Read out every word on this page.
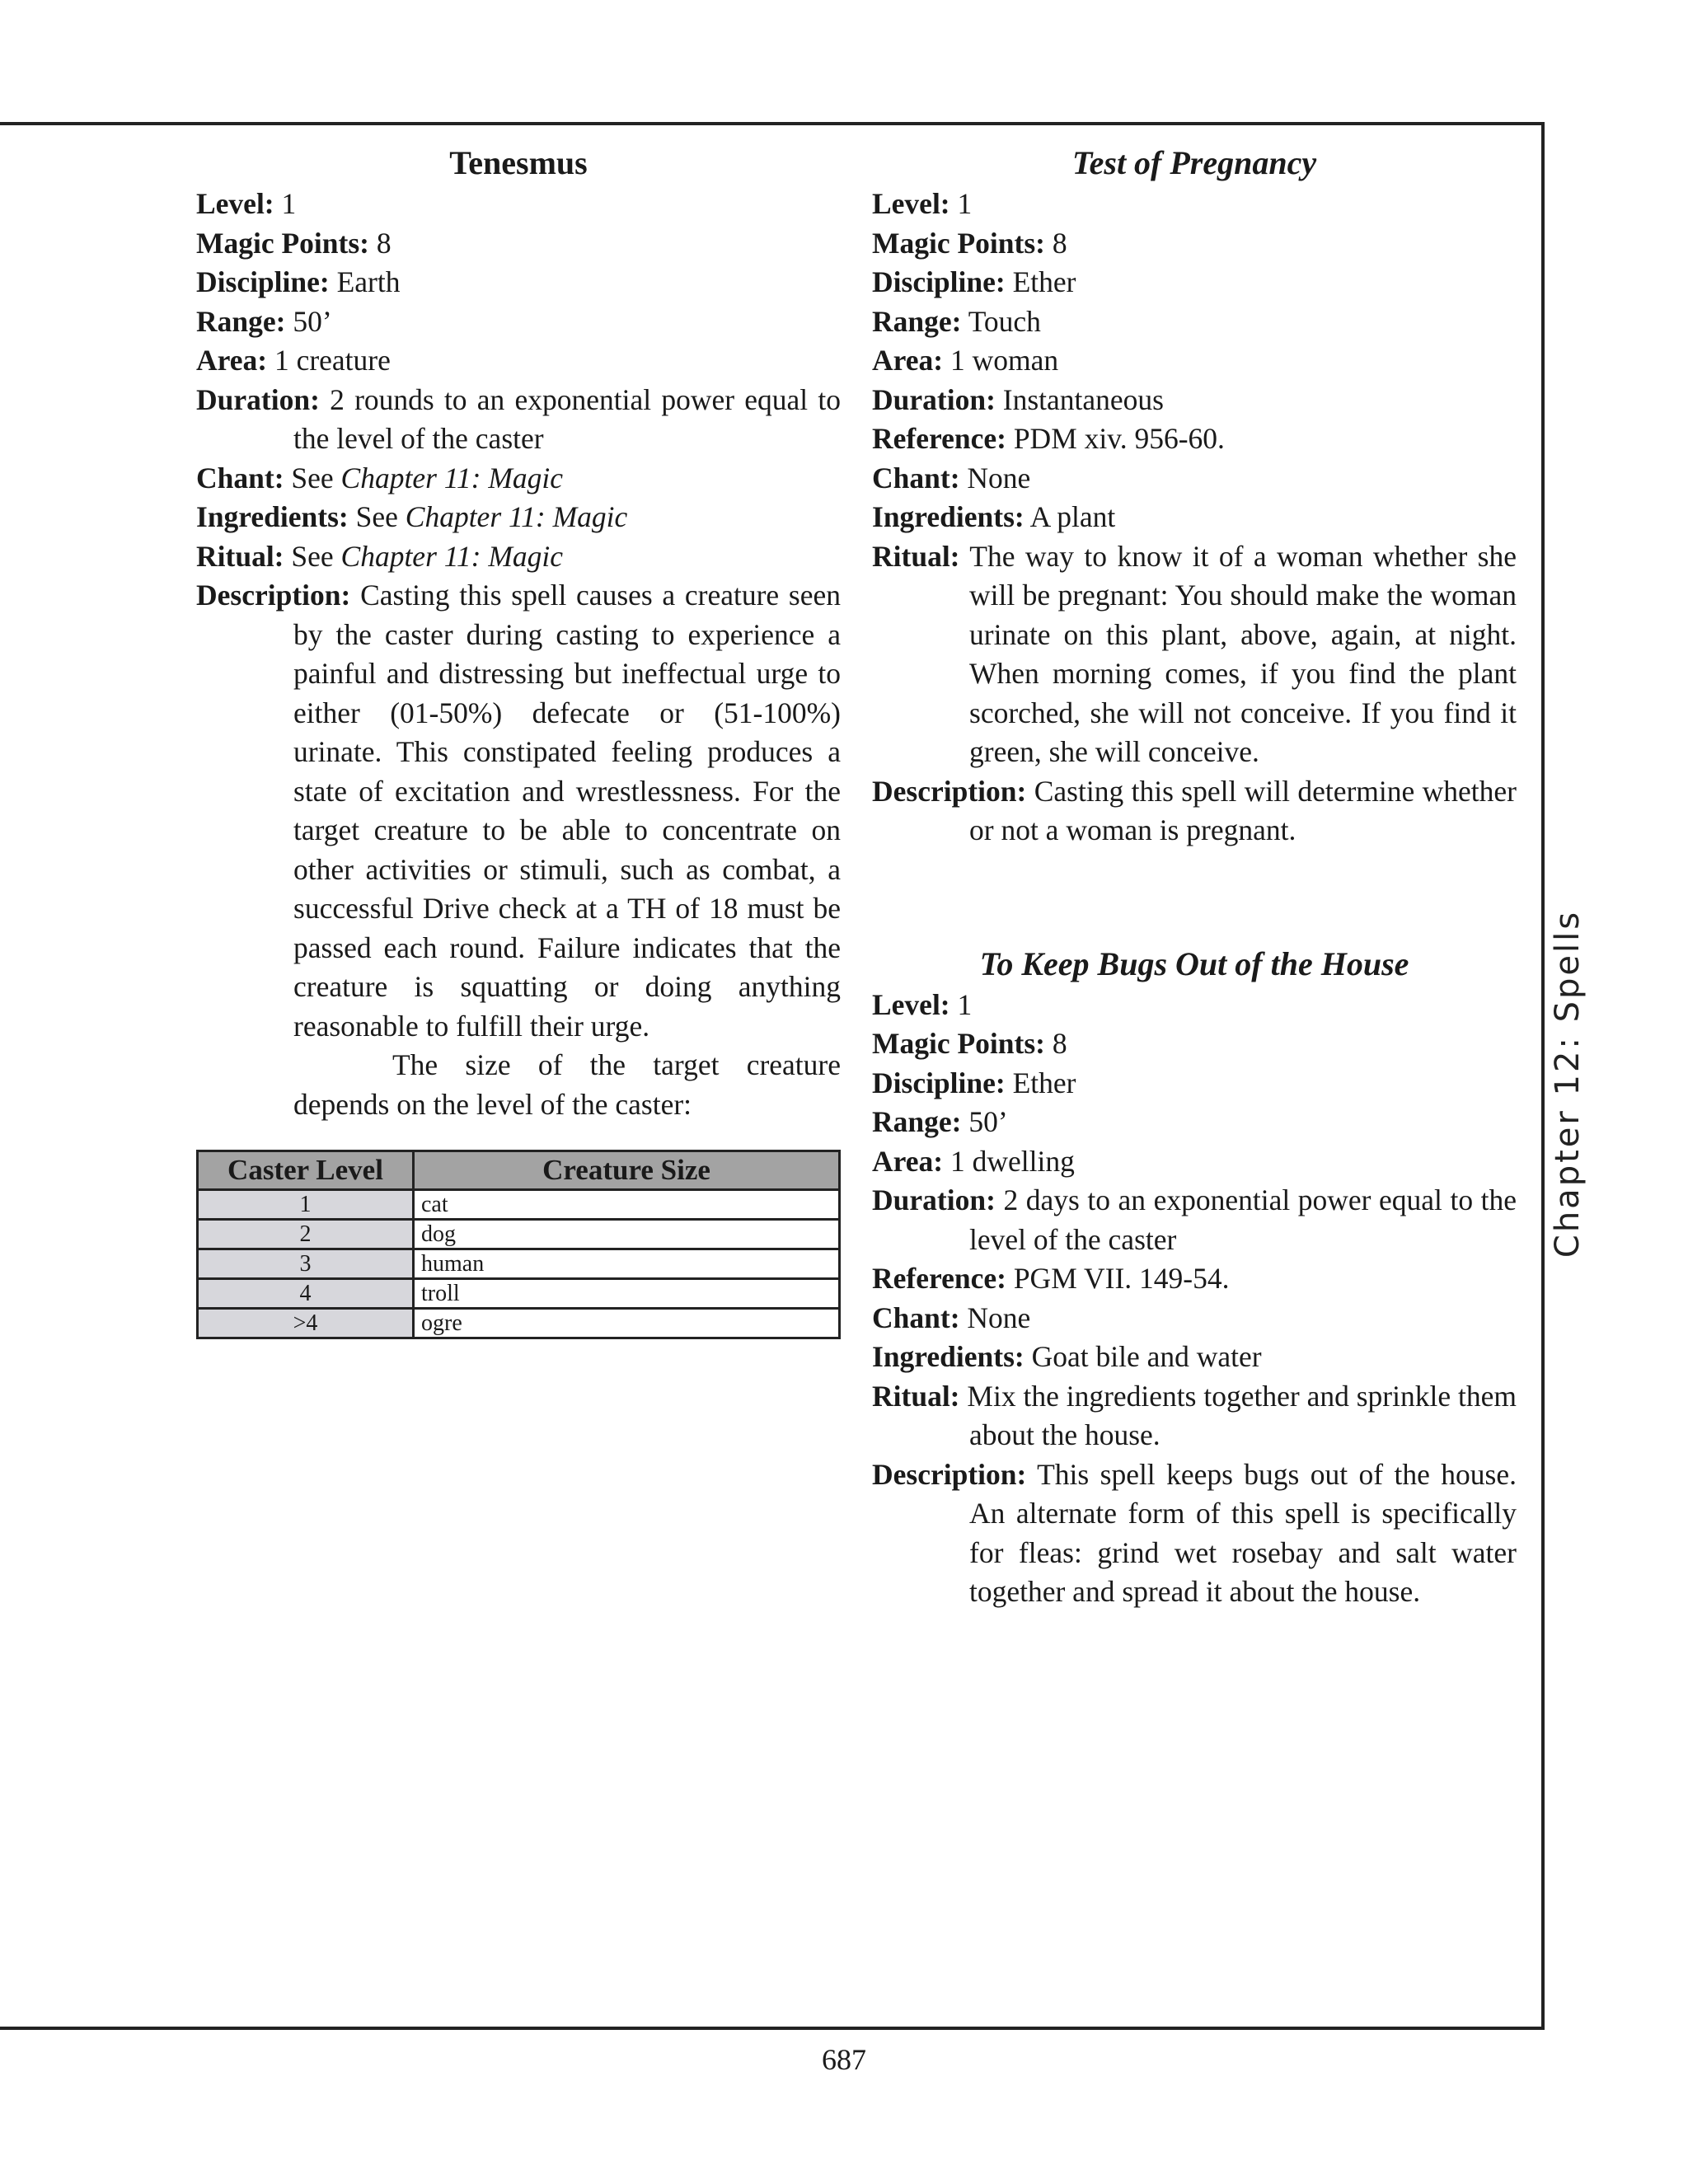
Chapter 12: Spells
Tenesmus

Level: 1

Magic Points: 8

Discipline: Earth

Range: 50’

Area: 1 creature

Duration: 2 rounds to an exponential power equal to the level of the caster

Chant: See Chapter 11: Magic

Ingredients: See Chapter 11: Magic

Ritual: See Chapter 11: Magic

Description: Casting this spell causes a creature seen by the caster during casting to experience a painful and distressing but ineffectual urge to either (01-50%) defecate or (51-100%) urinate. This constipated feeling produces a state of excitation and wrestlessness. For the target creature to be able to concentrate on other activities or stimuli, such as combat, a successful Drive check at a TH of 18 must be passed each round. Failure indicates that the creature is squatting or doing anything reasonable to fulfill their urge.

The size of the target creature depends on the level of the caster:

Caster Level	Creature Size
1	cat
2	dog
3	human
4	troll
>4	ogre
Test of Pregnancy

Level: 1

Magic Points: 8

Discipline: Ether

Range: Touch

Area: 1 woman

Duration: Instantaneous

Reference: PDM xiv. 956-60.

Chant: None

Ingredients: A plant

Ritual: The way to know it of a woman whether she will be pregnant: You should make the woman urinate on this plant, above, again, at night. When morning comes, if you find the plant scorched, she will not conceive. If you find it green, she will conceive.

Description: Casting this spell will determine whether or not a woman is pregnant.

To Keep Bugs Out of the House

Level: 1

Magic Points: 8

Discipline: Ether

Range: 50’

Area: 1 dwelling

Duration: 2 days to an exponential power equal to the level of the caster

Reference: PGM VII. 149-54.

Chant: None

Ingredients: Goat bile and water

Ritual: Mix the ingredients together and sprinkle them about the house.

Description: This spell keeps bugs out of the house. An alternate form of this spell is specifically for fleas: grind wet rosebay and salt water together and spread it about the house.

687
